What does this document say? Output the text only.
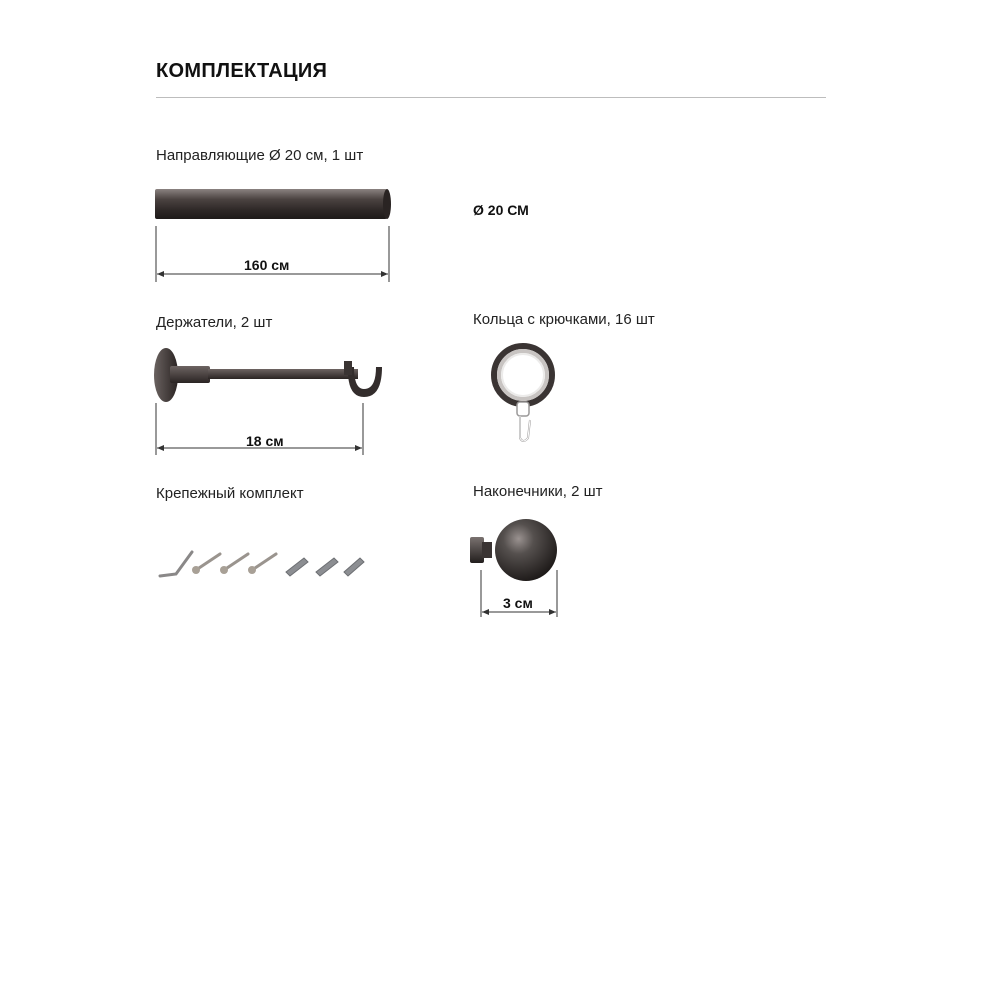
КОМПЛЕКТАЦИЯ
Направляющие Ø 20 см, 1 шт
160 см
Ø 20 СМ
Держатели, 2 шт
18 см
Кольца с крючками, 16 шт
Крепежный комплект	Наконечники, 2 шт
3 см
